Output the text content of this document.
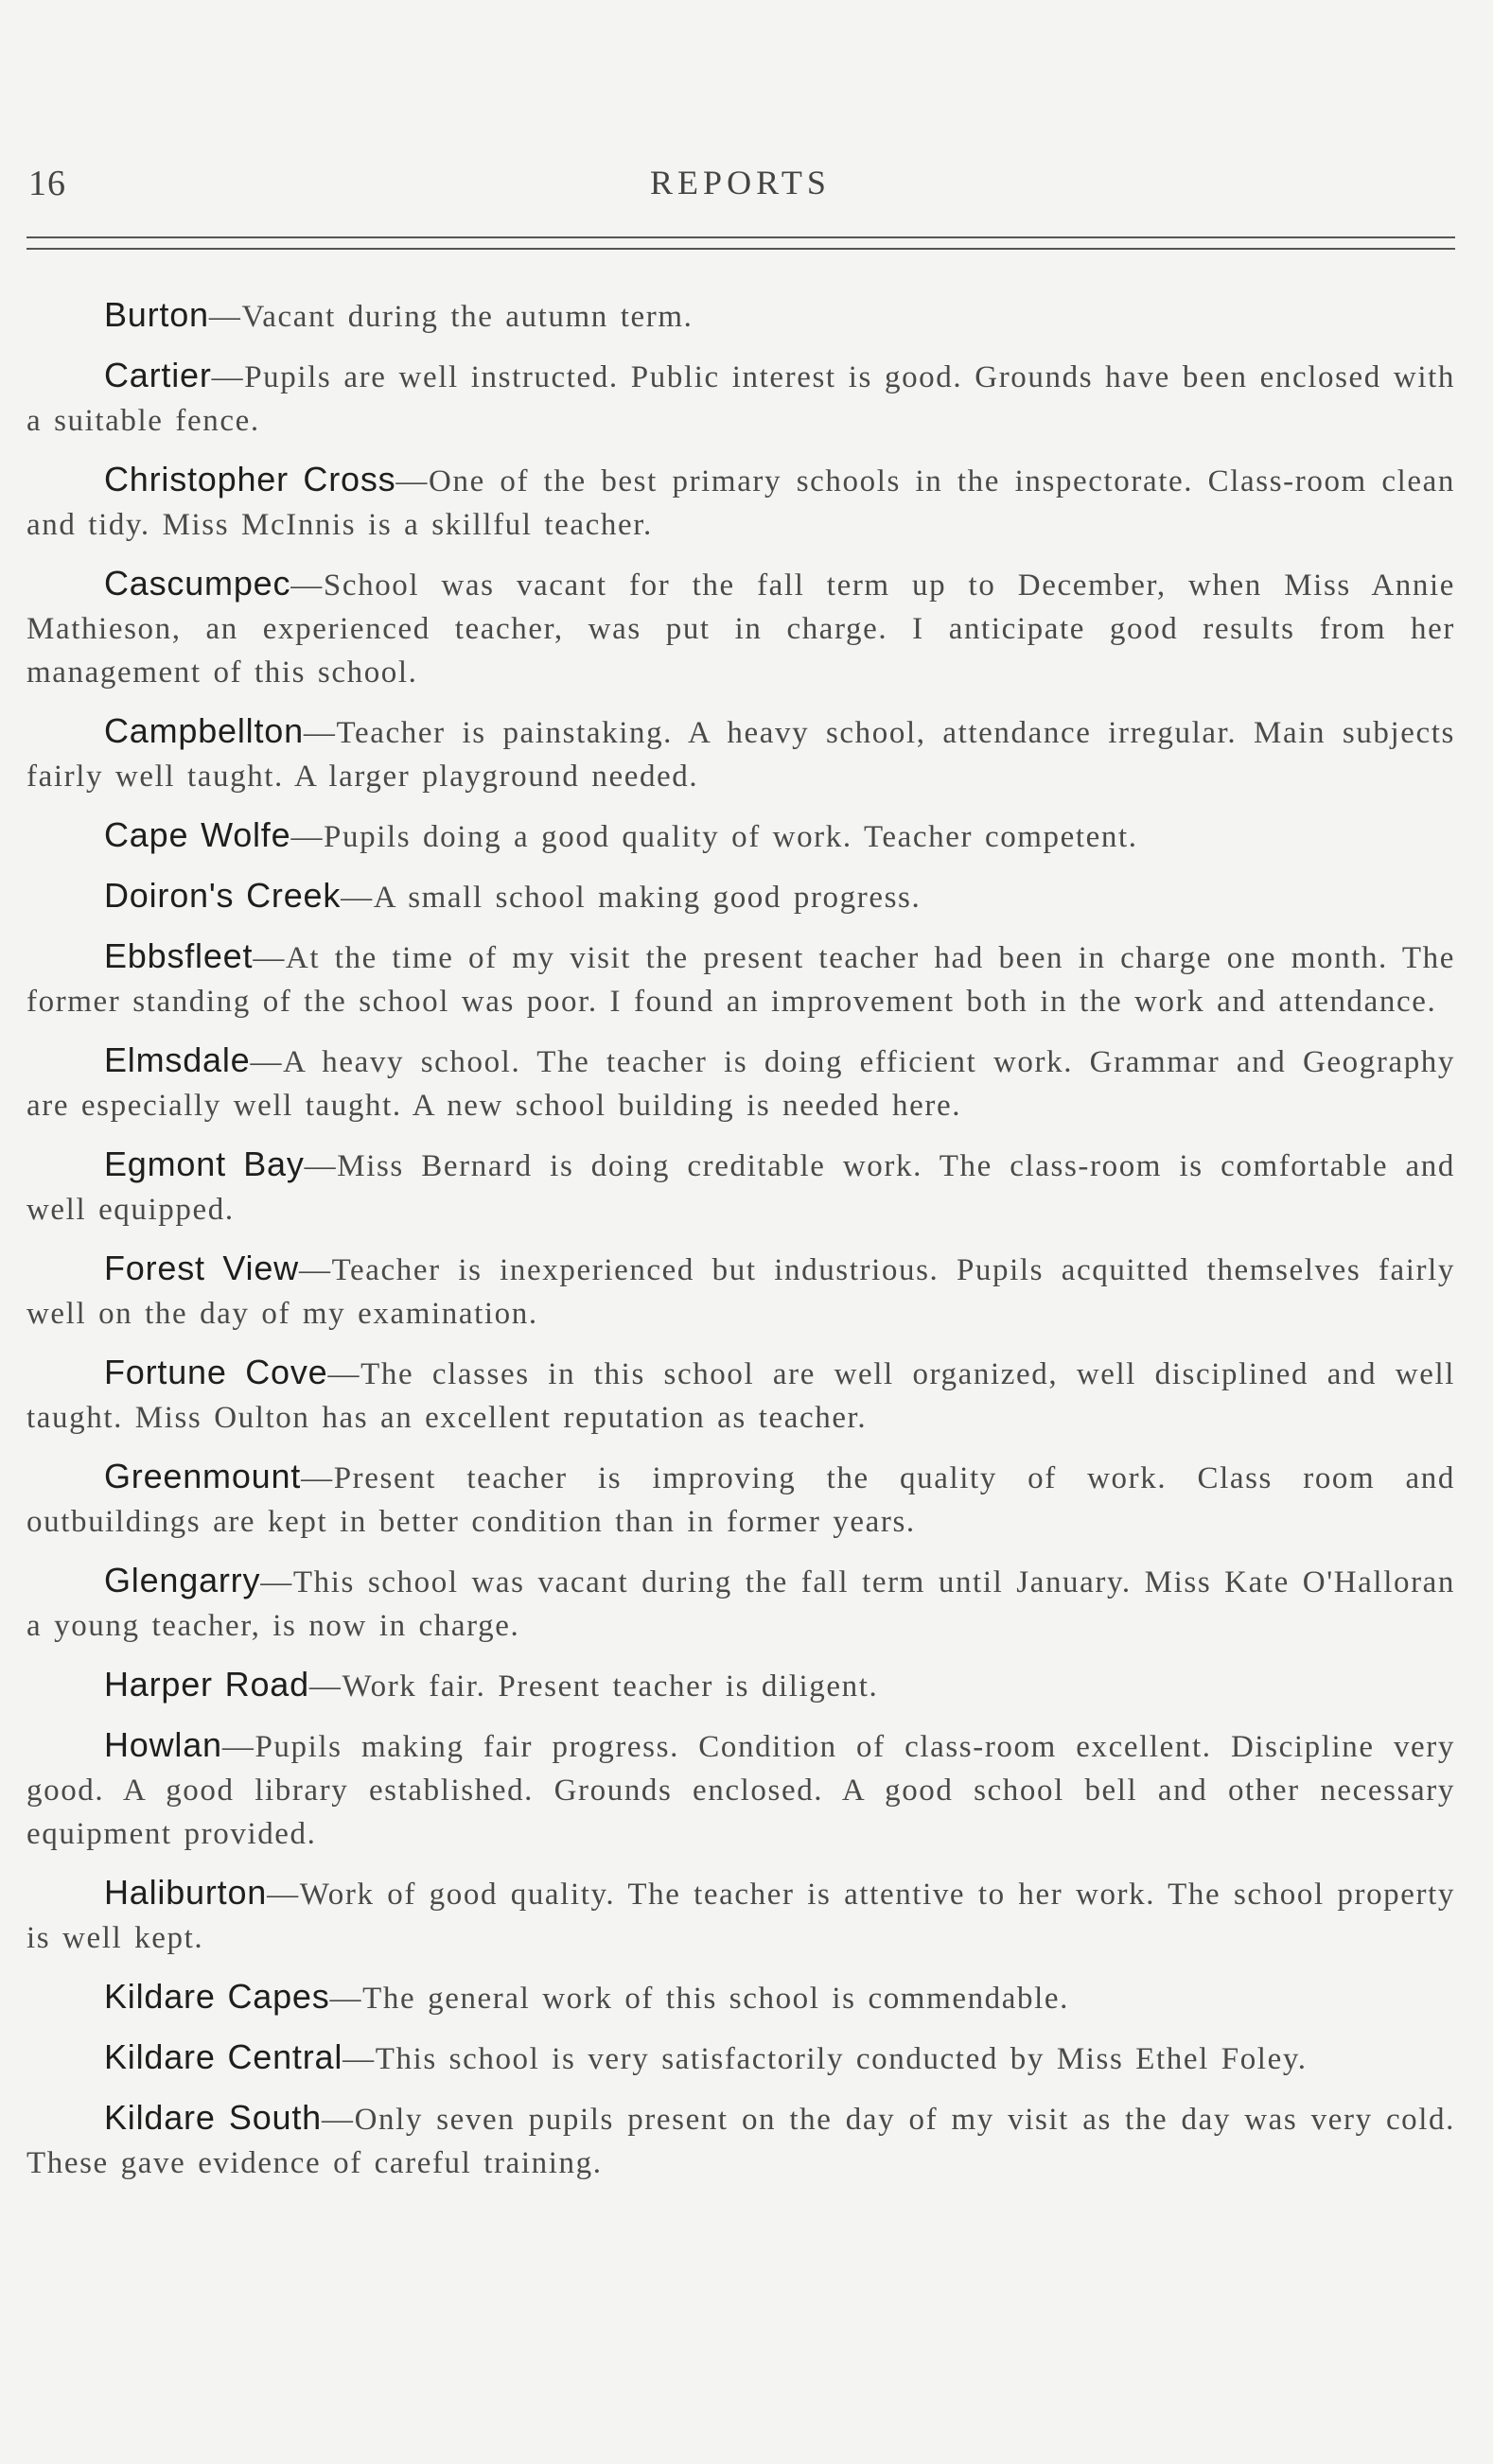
16	REPORTS

Burton—Vacant during the autumn term.

Cartier—Pupils are well instructed. Public interest is good. Grounds have been enclosed with a suitable fence.

Christopher Cross—One of the best primary schools in the inspectorate. Class-room clean and tidy. Miss McInnis is a skillful teacher.

Cascumpec—School was vacant for the fall term up to December, when Miss Annie Mathieson, an experienced teacher, was put in charge. I anticipate good results from her management of this school.

Campbellton—Teacher is painstaking. A heavy school, attendance irregular. Main subjects fairly well taught. A larger playground needed.

Cape Wolfe—Pupils doing a good quality of work. Teacher competent.

Doiron's Creek—A small school making good progress.

Ebbsfleet—At the time of my visit the present teacher had been in charge one month. The former standing of the school was poor. I found an improvement both in the work and attendance.

Elmsdale—A heavy school. The teacher is doing efficient work. Grammar and Geography are especially well taught. A new school building is needed here.

Egmont Bay—Miss Bernard is doing creditable work. The class-room is comfortable and well equipped.

Forest View—Teacher is inexperienced but industrious. Pupils acquitted themselves fairly well on the day of my examination.

Fortune Cove—The classes in this school are well organized, well disciplined and well taught. Miss Oulton has an excellent reputation as teacher.

Greenmount—Present teacher is improving the quality of work. Class room and outbuildings are kept in better condition than in former years.

Glengarry—This school was vacant during the fall term until January. Miss Kate O'Halloran a young teacher, is now in charge.

Harper Road—Work fair. Present teacher is diligent.

Howlan—Pupils making fair progress. Condition of class-room excellent. Discipline very good. A good library established. Grounds enclosed. A good school bell and other necessary equipment provided.

Haliburton—Work of good quality. The teacher is attentive to her work. The school property is well kept.

Kildare Capes—The general work of this school is commendable.

Kildare Central—This school is very satisfactorily conducted by Miss Ethel Foley.

Kildare South—Only seven pupils present on the day of my visit as the day was very cold. These gave evidence of careful training.
